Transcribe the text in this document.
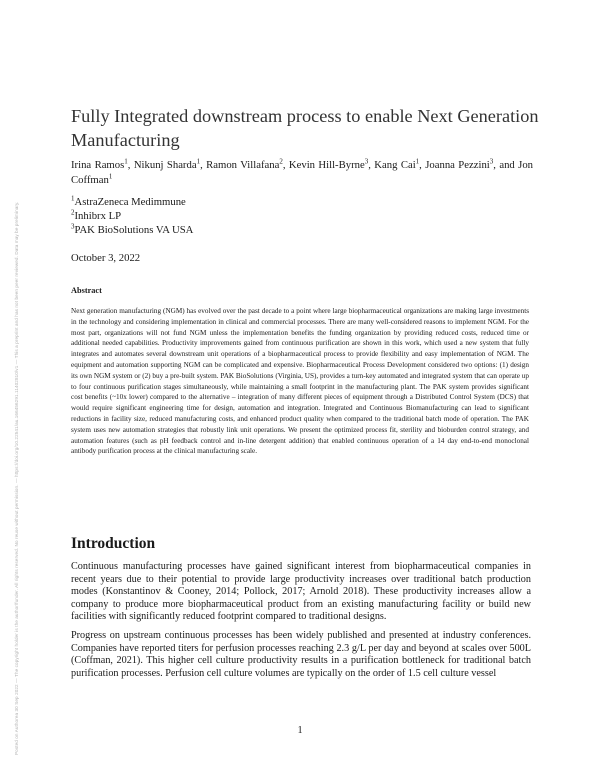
Posted on Authorea 30 Sep 2022 — The copyright holder is the author/funder. All rights reserved. No reuse without permission. — https://doi.org/10.22541/au.166456291.11402810/v1 — This a preprint and has not been peer reviewed. Data may be preliminary.
Fully Integrated downstream process to enable Next Generation Manufacturing

Irina Ramos$^1$, Nikunj Sharda$^1$, Ramon Villafana$^2$, Kevin Hill-Byrne$^3$, Kang Cai$^1$, Joanna Pezzini$^3$, and Jon Coffman$^1$

$^1$AstraZeneca Medimmune
$^2$Inhibrx LP
$^3$PAK BioSolutions VA USA

October 3, 2022

Abstract

Next generation manufacturing (NGM) has evolved over the past decade to a point where large biopharmaceutical organizations are making large investments in the technology and considering implementation in clinical and commercial processes. There are many well-considered reasons to implement NGM. For the most part, organizations will not fund NGM unless the implementation benefits the funding organization by providing reduced costs, reduced time or additional needed capabilities. Productivity improvements gained from continuous purification are shown in this work, which used a new system that fully integrates and automates several downstream unit operations of a biopharmaceutical process to provide flexibility and easy implementation of NGM. The equipment and automation supporting NGM can be complicated and expensive. Biopharmaceutical Process Development considered two options: (1) design its own NGM system or (2) buy a pre-built system. PAK BioSolutions (Virginia, US), provides a turn-key automated and integrated system that can operate up to four continuous purification stages simultaneously, while maintaining a small footprint in the manufacturing plant. The PAK system provides significant cost benefits (~10x lower) compared to the alternative – integration of many different pieces of equipment through a Distributed Control System (DCS) that would require significant engineering time for design, automation and integration. Integrated and Continuous Biomanufacturing can lead to significant reductions in facility size, reduced manufacturing costs, and enhanced product quality when compared to the traditional batch mode of operation. The PAK system uses new automation strategies that robustly link unit operations. We present the optimized process fit, sterility and bioburden control strategy, and automation features (such as pH feedback control and in-line detergent addition) that enabled continuous operation of a 14 day end-to-end monoclonal antibody purification process at the clinical manufacturing scale.

Introduction

Continuous manufacturing processes have gained significant interest from biopharmaceutical companies in recent years due to their potential to provide large productivity increases over traditional batch production modes (Konstantinov & Cooney, 2014; Pollock, 2017; Arnold 2018). These productivity increases allow a company to produce more biopharmaceutical product from an existing manufacturing facility or build new facilities with significantly reduced footprint compared to traditional designs.

Progress on upstream continuous processes has been widely published and presented at industry conferences. Companies have reported titers for perfusion processes reaching 2.3 g/L per day and beyond at scales over 500L (Coffman, 2021). This higher cell culture productivity results in a purification bottleneck for traditional batch purification processes. Perfusion cell culture volumes are typically on the order of 1.5 cell culture vessel

1
